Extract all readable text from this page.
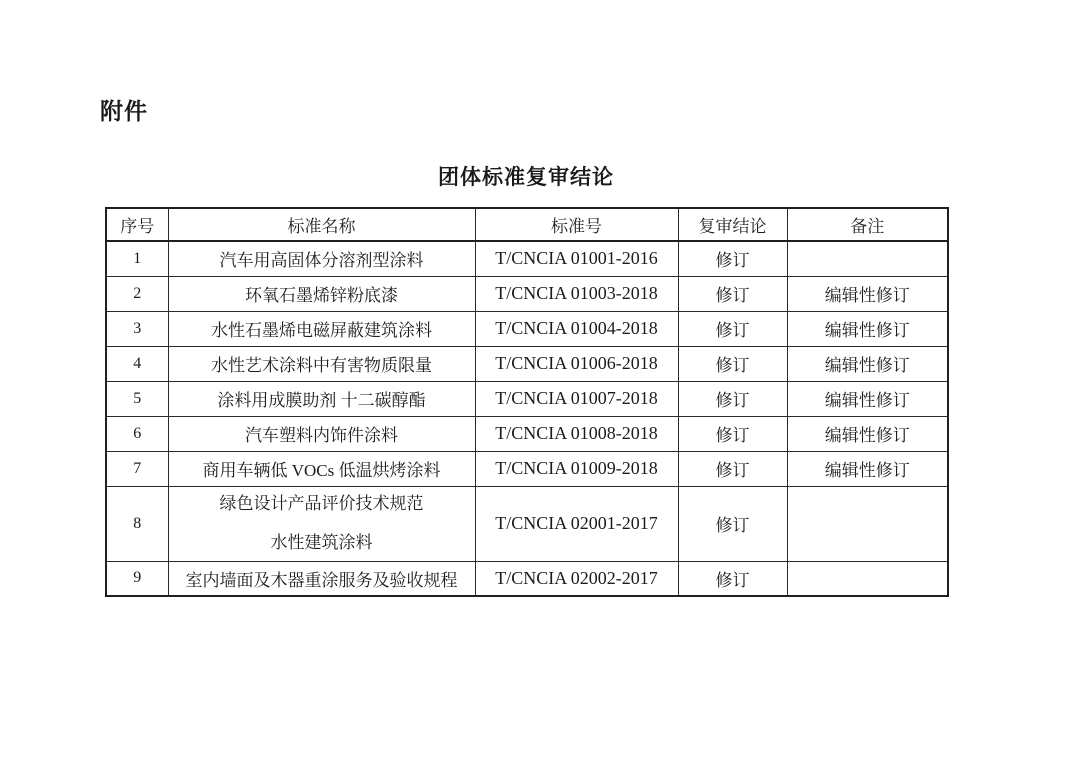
附件
团体标准复审结论
序号	标准名称	标准号	复审结论	备注
1	汽车用高固体分溶剂型涂料	T/CNCIA 01001-2016	修订	
2	环氧石墨烯锌粉底漆	T/CNCIA 01003-2018	修订	编辑性修订
3	水性石墨烯电磁屏蔽建筑涂料	T/CNCIA 01004-2018	修订	编辑性修订
4	水性艺术涂料中有害物质限量	T/CNCIA 01006-2018	修订	编辑性修订
5	涂料用成膜助剂 十二碳醇酯	T/CNCIA 01007-2018	修订	编辑性修订
6	汽车塑料内饰件涂料	T/CNCIA 01008-2018	修订	编辑性修订
7	商用车辆低 VOCs 低温烘烤涂料	T/CNCIA 01009-2018	修订	编辑性修订
8	绿色设计产品评价技术规范
水性建筑涂料	T/CNCIA 02001-2017	修订	
9	室内墙面及木器重涂服务及验收规程	T/CNCIA 02002-2017	修订	
